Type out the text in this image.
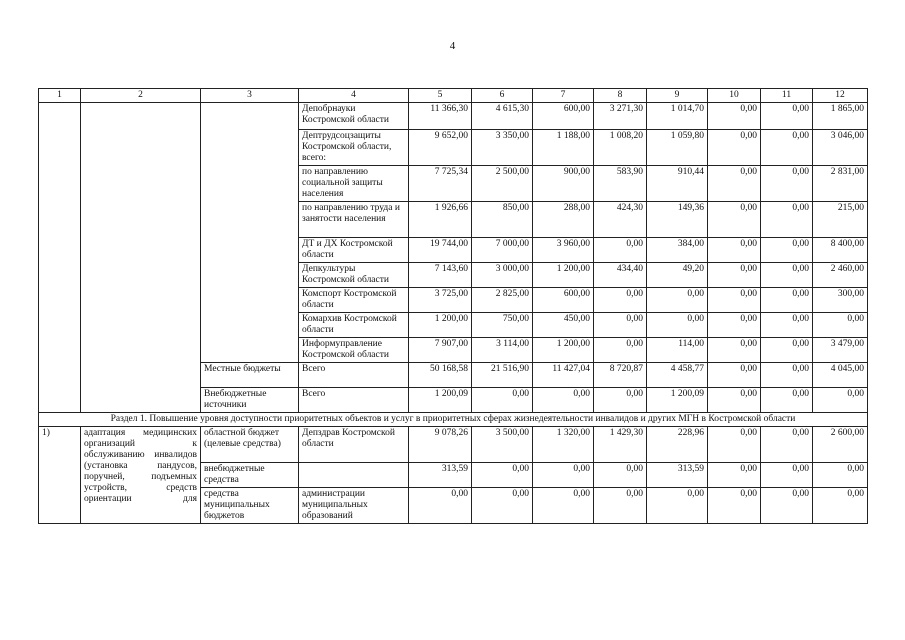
4
1	2	3	4	5	6	7	8	9	10	11	12
			Депобрнауки Костромской области	11 366,30	4 615,30	600,00	3 271,30	1 014,70	0,00	0,00	1 865,00
			Дептрудсоцзащиты Костромской области, всего:	9 652,00	3 350,00	1 188,00	1 008,20	1 059,80	0,00	0,00	3 046,00
			по направлению социальной защиты населения	7 725,34	2 500,00	900,00	583,90	910,44	0,00	0,00	2 831,00
			по направлению труда и занятости населения	1 926,66	850,00	288,00	424,30	149,36	0,00	0,00	215,00
			ДТ и ДХ Костромской области	19 744,00	7 000,00	3 960,00	0,00	384,00	0,00	0,00	8 400,00
			Депкультуры Костромской области	7 143,60	3 000,00	1 200,00	434,40	49,20	0,00	0,00	2 460,00
			Комспорт Костромской области	3 725,00	2 825,00	600,00	0,00	0,00	0,00	0,00	300,00
			Комархив Костромской области	1 200,00	750,00	450,00	0,00	0,00	0,00	0,00	0,00
			Информуправление Костромской области	7 907,00	3 114,00	1 200,00	0,00	114,00	0,00	0,00	3 479,00
		Местные бюджеты	Всего	50 168,58	21 516,90	11 427,04	8 720,87	4 458,77	0,00	0,00	4 045,00
		Внебюджетные источники	Всего	1 200,09	0,00	0,00	0,00	1 200,09	0,00	0,00	0,00
Раздел 1. Повышение уровня доступности приоритетных объектов и услуг в приоритетных сферах жизнедеятельности инвалидов и других МГН в Костромской области											
1)	адаптация медицинских организаций к обслуживанию инвалидов (установка пандусов, поручней, подъемных устройств, средств ориентации для	областной бюджет (целевые средства)	Депздрав Костромской области	9 078,26	3 500,00	1 320,00	1 429,30	228,96	0,00	0,00	2 600,00
		внебюджетные средства		313,59	0,00	0,00	0,00	313,59	0,00	0,00	0,00
		средства муниципальных бюджетов	администрации муниципальных образований	0,00	0,00	0,00	0,00	0,00	0,00	0,00	0,00
